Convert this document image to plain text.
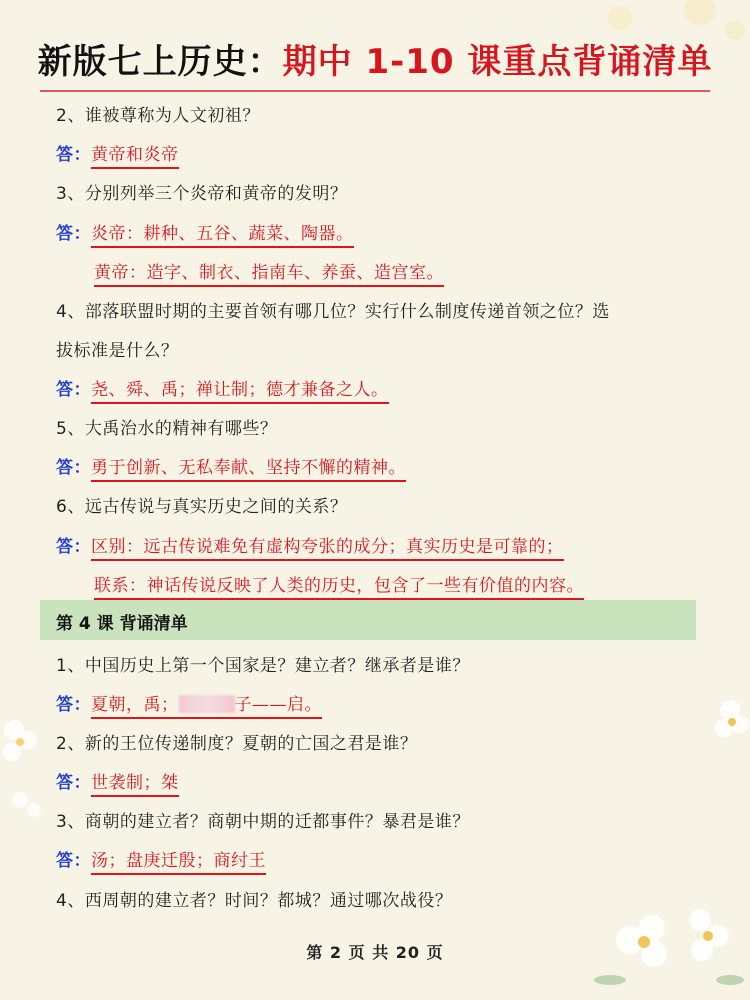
新版七上历史：期中 1-10 课重点背诵清单
2、谁被尊称为人文初祖？
答：黄帝和炎帝
3、分别列举三个炎帝和黄帝的发明？
答：炎帝：耕种、五谷、蔬菜、陶器。
黄帝：造字、制衣、指南车、养蚕、造宫室。
4、部落联盟时期的主要首领有哪几位？实行什么制度传递首领之位？选
拔标准是什么？
答：尧、舜、禹；禅让制；德才兼备之人。
5、大禹治水的精神有哪些？
答：勇于创新、无私奉献、坚持不懈的精神。
6、远古传说与真实历史之间的关系？
答：区别：远古传说难免有虚构夸张的成分；真实历史是可靠的；
联系：神话传说反映了人类的历史，包含了一些有价值的内容。
第 4 课 背诵清单
1、中国历史上第一个国家是？建立者？继承者是谁？
答：夏朝，禹；	子——启。
2、新的王位传递制度？夏朝的亡国之君是谁？
答：世袭制；桀
3、商朝的建立者？商朝中期的迁都事件？暴君是谁？
答：汤；盘庚迁殷；商纣王
4、西周朝的建立者？时间？都城？通过哪次战役？
第 2 页 共 20 页
